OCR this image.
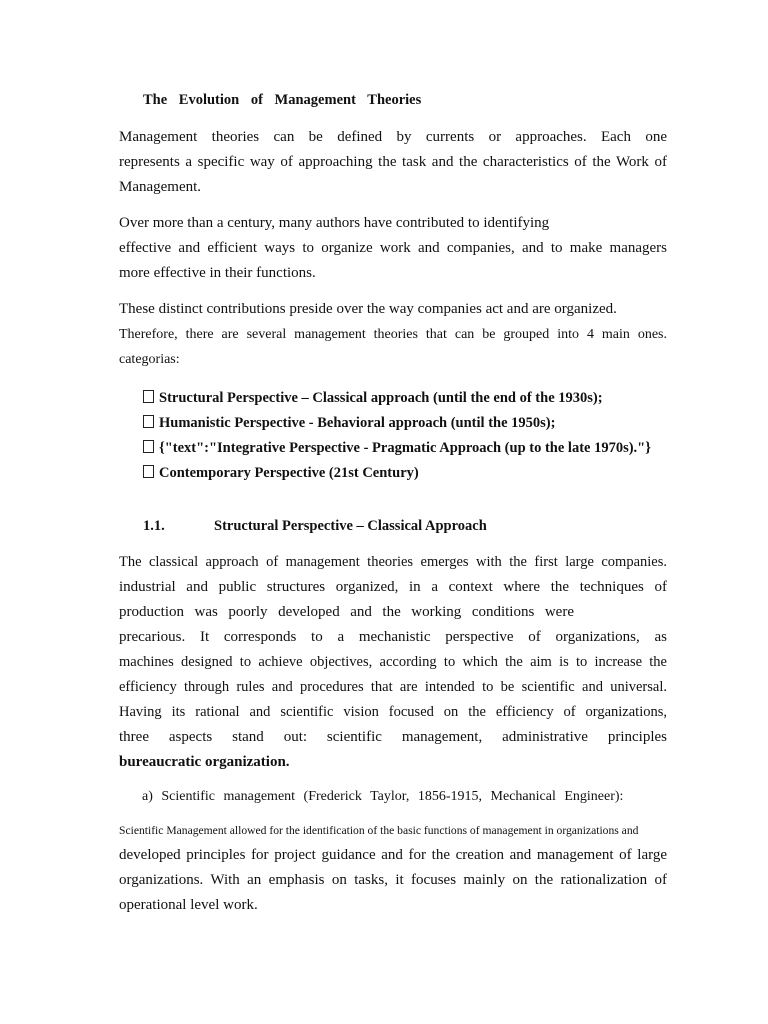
The Evolution of Management Theories
Management theories can be defined by currents or approaches. Each one
represents a specific way of approaching the task and the characteristics of the Work of
Management.
Over more than a century, many authors have contributed to identifying
effective and efficient ways to organize work and companies, and to make managers
more effective in their functions.
These distinct contributions preside over the way companies act and are organized.
Therefore, there are several management theories that can be grouped into 4 main ones.
categorias:
Structural Perspective – Classical approach (until the end of the 1930s);
Humanistic Perspective - Behavioral approach (until the 1950s);
{"text":"Integrative Perspective - Pragmatic Approach (up to the late 1970s)."}
Contemporary Perspective (21st Century)
1.1.	Structural Perspective – Classical Approach
The classical approach of management theories emerges with the first large companies.
industrial and public structures organized, in a context where the techniques of
production was poorly developed and the working conditions were
precarious. It corresponds to a mechanistic perspective of organizations, as
machines designed to achieve objectives, according to which the aim is to increase the
efficiency through rules and procedures that are intended to be scientific and universal.
Having its rational and scientific vision focused on the efficiency of organizations,
three aspects stand out: scientific management, administrative principles
bureaucratic organization.
a) Scientific management (Frederick Taylor, 1856-1915, Mechanical Engineer):
Scientific Management allowed for the identification of the basic functions of management in organizations and
developed principles for project guidance and for the creation and management of large
organizations. With an emphasis on tasks, it focuses mainly on the rationalization of
operational level work.
